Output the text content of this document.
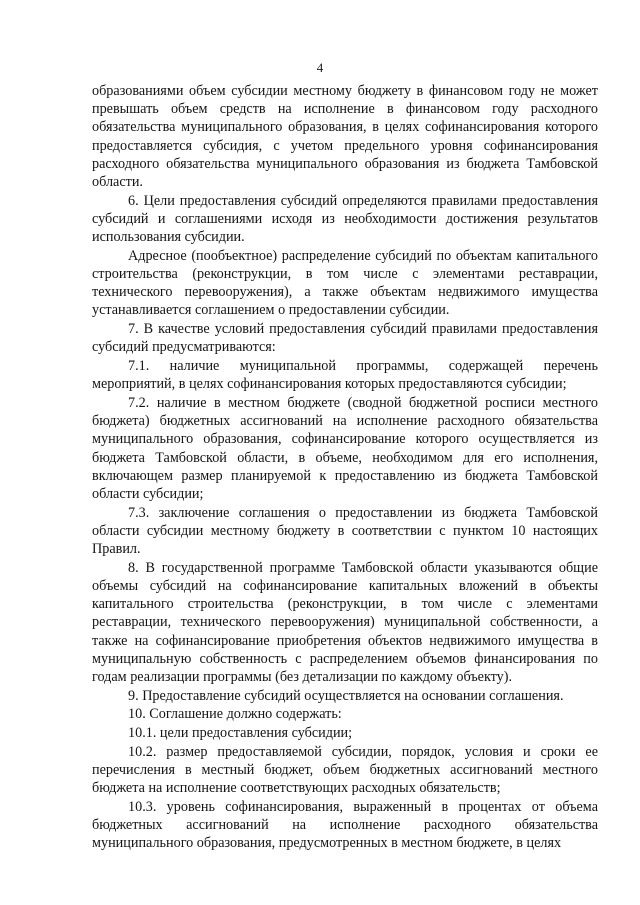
4

образованиями объем субсидии местному бюджету в финансовом году не может превышать объем средств на исполнение в финансовом году расходного обязательства муниципального образования, в целях софинансирования которого предоставляется субсидия, с учетом предельного уровня софинансирования расходного обязательства муниципального образования из бюджета Тамбовской области.

6. Цели предоставления субсидий определяются правилами предоставления субсидий и соглашениями исходя из необходимости достижения результатов использования субсидии.

Адресное (пообъектное) распределение субсидий по объектам капитального строительства (реконструкции, в том числе с элементами реставрации, технического перевооружения), а также объектам недвижимого имущества устанавливается соглашением о предоставлении субсидии.

7. В качестве условий предоставления субсидий правилами предоставления субсидий предусматриваются:

7.1. наличие муниципальной программы, содержащей перечень мероприятий, в целях софинансирования которых предоставляются субсидии;

7.2. наличие в местном бюджете (сводной бюджетной росписи местного бюджета) бюджетных ассигнований на исполнение расходного обязательства муниципального образования, софинансирование которого осуществляется из бюджета Тамбовской области, в объеме, необходимом для его исполнения, включающем размер планируемой к предоставлению из бюджета Тамбовской области субсидии;

7.3. заключение соглашения о предоставлении из бюджета Тамбовской области субсидии местному бюджету в соответствии с пунктом 10 настоящих Правил.

8. В государственной программе Тамбовской области указываются общие объемы субсидий на софинансирование капитальных вложений в объекты капитального строительства (реконструкции, в том числе с элементами реставрации, технического перевооружения) муниципальной собственности, а также на софинансирование приобретения объектов недвижимого имущества в муниципальную собственность с распределением объемов финансирования по годам реализации программы (без детализации по каждому объекту).

9. Предоставление субсидий осуществляется на основании соглашения.

10. Соглашение должно содержать:

10.1. цели предоставления субсидии;

10.2. размер предоставляемой субсидии, порядок, условия и сроки ее перечисления в местный бюджет, объем бюджетных ассигнований местного бюджета на исполнение соответствующих расходных обязательств;

10.3. уровень софинансирования, выраженный в процентах от объема бюджетных ассигнований на исполнение расходного обязательства муниципального образования, предусмотренных в местном бюджете, в целях
